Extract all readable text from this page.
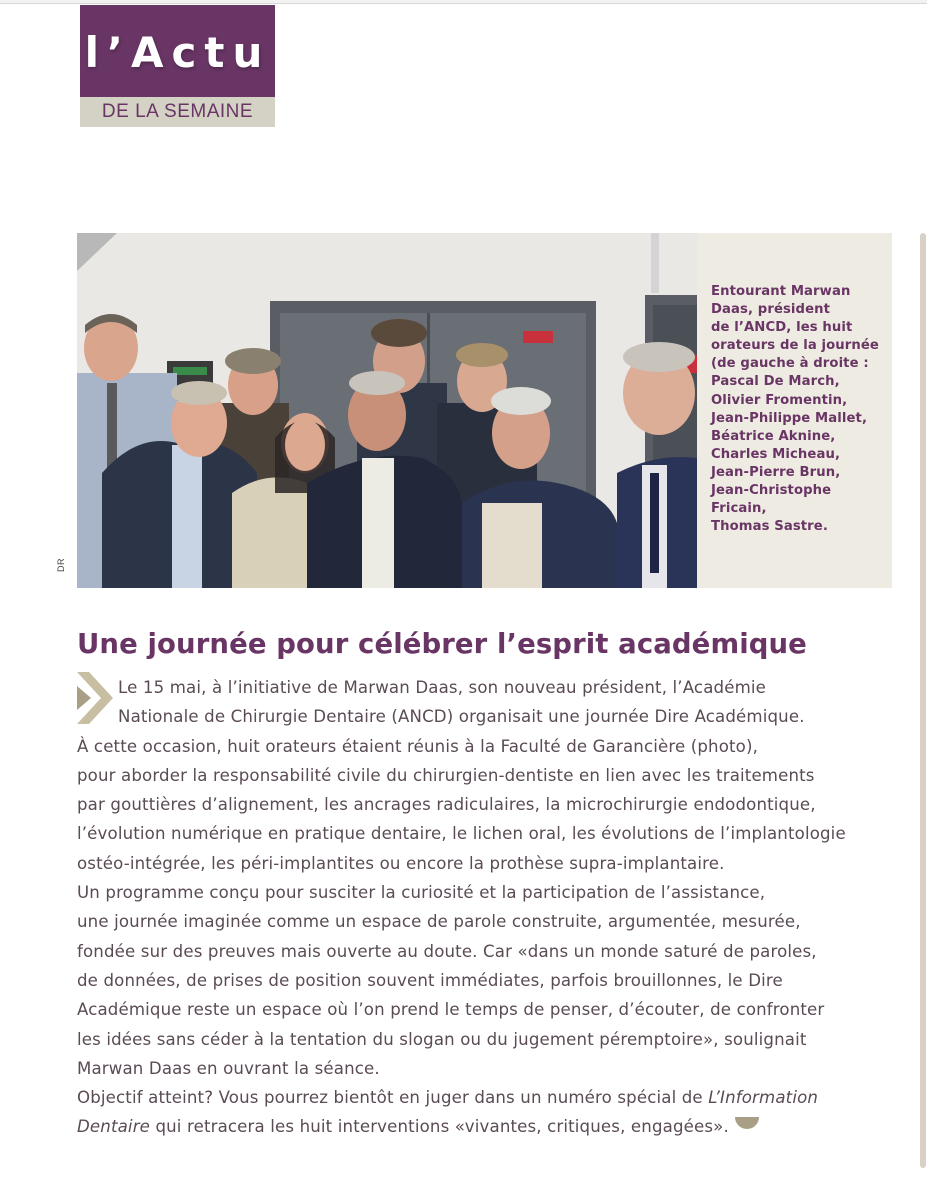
l’Actu
DE LA SEMAINE
Entourant Marwan
Daas, président
de l’ANCD, les huit
orateurs de la journée
(de gauche à droite :
Pascal De March,
Olivier Fromentin,
Jean-Philippe Mallet,
Béatrice Aknine,
Charles Micheau,
Jean-Pierre Brun,
Jean-Christophe
Fricain,
Thomas Sastre.
DR
Une journée pour célébrer l’esprit académique
Le 15 mai, à l’initiative de Marwan Daas, son nouveau président, l’Académie
Nationale de Chirurgie Dentaire (ANCD) organisait une journée Dire Académique.
À cette occasion, huit orateurs étaient réunis à la Faculté de Garancière (photo),
pour aborder la responsabilité civile du chirurgien-dentiste en lien avec les traitements
par gouttières d’alignement, les ancrages radiculaires, la microchirurgie endodontique,
l’évolution numérique en pratique dentaire, le lichen oral, les évolutions de l’implantologie
ostéo-intégrée, les péri-implantites ou encore la prothèse supra-implantaire.
Un programme conçu pour susciter la curiosité et la participation de l’assistance,
une journée imaginée comme un espace de parole construite, argumentée, mesurée,
fondée sur des preuves mais ouverte au doute. Car «dans un monde saturé de paroles,
de données, de prises de position souvent immédiates, parfois brouillonnes, le Dire
Académique reste un espace où l’on prend le temps de penser, d’écouter, de confronter
les idées sans céder à la tentation du slogan ou du jugement péremptoire», soulignait
Marwan Daas en ouvrant la séance.
Objectif atteint? Vous pourrez bientôt en juger dans un numéro spécial de L’Information
Dentaire qui retracera les huit interventions «vivantes, critiques, engagées».
